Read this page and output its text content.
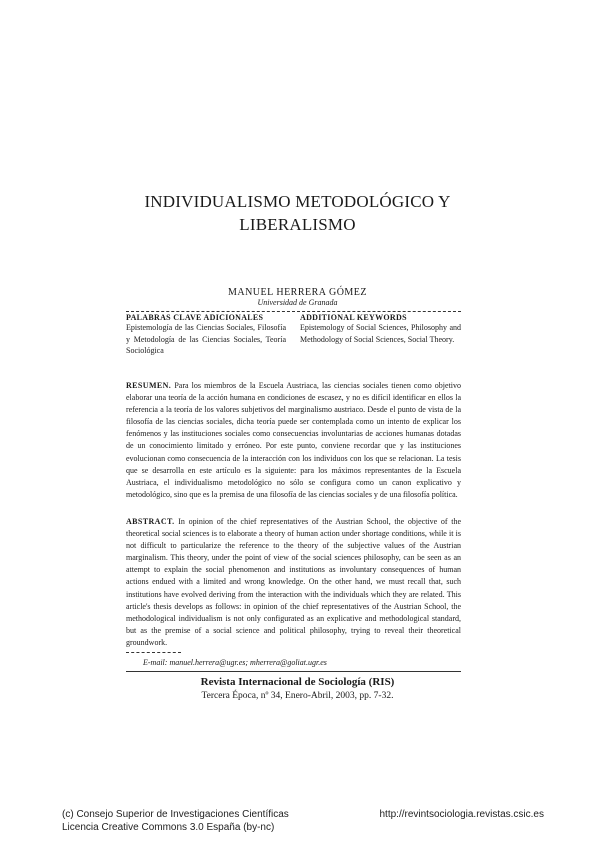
INDIVIDUALISMO METODOLÓGICO Y
LIBERALISMO
MANUEL HERRERA GÓMEZ
Universidad de Granada
PALABRAS CLAVE ADICIONALES
Epistemología de las Ciencias Sociales, Filosofía y Metodología de las Ciencias Sociales, Teoría Sociológica
ADDITIONAL KEYWORDS
Epistemology of Social Sciences, Philosophy and Methodology of Social Sciences, Social Theory.
RESUMEN. Para los miembros de la Escuela Austriaca, las ciencias sociales tienen como objetivo elaborar una teoría de la acción humana en condiciones de escasez, y no es difícil identificar en ellos la referencia a la teoría de los valores subjetivos del marginalismo austriaco. Desde el punto de vista de la filosofía de las ciencias sociales, dicha teoría puede ser contemplada como un intento de explicar los fenómenos y las instituciones sociales como consecuencias involuntarias de acciones humanas dotadas de un conocimiento limitado y erróneo. Por este punto, conviene recordar que y las instituciones evolucionan como consecuencia de la interacción con los individuos con los que se relacionan. La tesis que se desarrolla en este artículo es la siguiente: para los máximos representantes de la Escuela Austriaca, el individualismo metodológico no sólo se configura como un canon explicativo y metodológico, sino que es la premisa de una filosofía de las ciencias sociales y de una filosofía política.
ABSTRACT. In opinion of the chief representatives of the Austrian School, the objective of the theoretical social sciences is to elaborate a theory of human action under shortage conditions, while it is not difficult to particularize the reference to the theory of the subjective values of the Austrian marginalism. This theory, under the point of view of the social sciences philosophy, can be seen as an attempt to explain the social phenomenon and institutions as involuntary consequences of human actions endued with a limited and wrong knowledge. On the other hand, we must recall that, such institutions have evolved deriving from the interaction with the individuals which they are related. This article's thesis develops as follows: in opinion of the chief representatives of the Austrian School, the methodological individualism is not only configurated as an explicative and methodological standard, but as the premise of a social science and political philosophy, trying to reveal their theoretical groundwork.
E-mail: manuel.herrera@ugr.es; mherrera@goliat.ugr.es
Revista Internacional de Sociología (RIS)
Tercera Época, nº 34, Enero-Abril, 2003, pp. 7-32.
(c) Consejo Superior de Investigaciones Científicas
Licencia Creative Commons 3.0 España (by-nc)
http://revintsociologia.revistas.csic.es
